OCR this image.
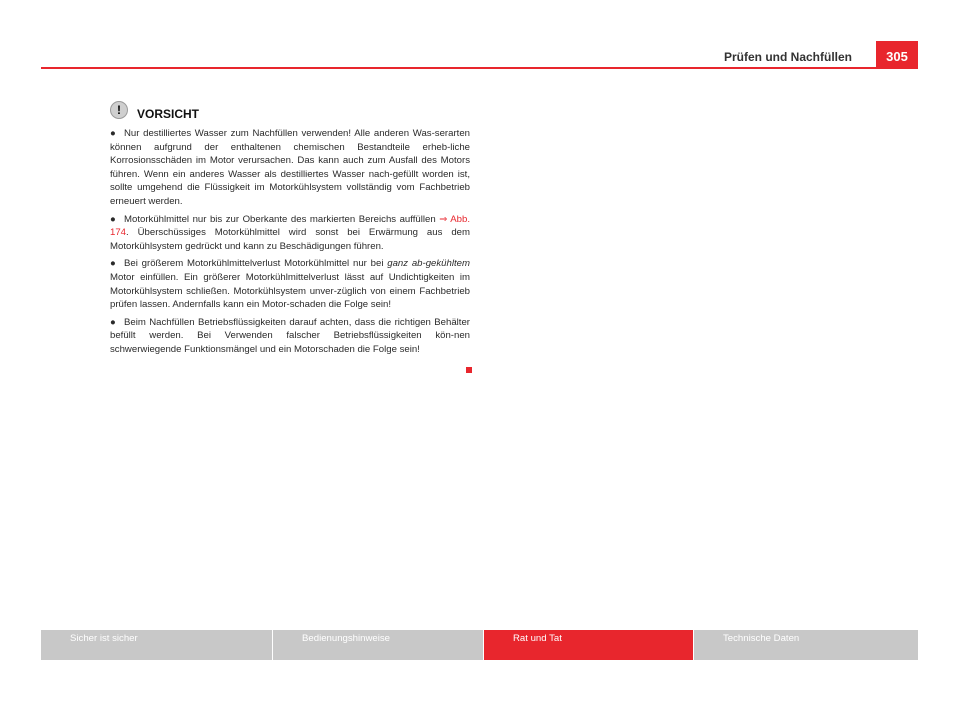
Prüfen und Nachfüllen	305
!	VORSICHT

● Nur destilliertes Wasser zum Nachfüllen verwenden! Alle anderen Was-serarten können aufgrund der enthaltenen chemischen Bestandteile erheb-liche Korrosionsschäden im Motor verursachen. Das kann auch zum Ausfall des Motors führen. Wenn ein anderes Wasser als destilliertes Wasser nach-gefüllt worden ist, sollte umgehend die Flüssigkeit im Motorkühlsystem vollständig vom Fachbetrieb erneuert werden.

● Motorkühlmittel nur bis zur Oberkante des markierten Bereichs auffüllen ⇒ Abb. 174. Überschüssiges Motorkühlmittel wird sonst bei Erwärmung aus dem Motorkühlsystem gedrückt und kann zu Beschädigungen führen.

● Bei größerem Motorkühlmittelverlust Motorkühlmittel nur bei ganz ab-gekühltem Motor einfüllen. Ein größerer Motorkühlmittelverlust lässt auf Undichtigkeiten im Motorkühlsystem schließen. Motorkühlsystem unver-züglich von einem Fachbetrieb prüfen lassen. Andernfalls kann ein Motor-schaden die Folge sein!

● Beim Nachfüllen Betriebsflüssigkeiten darauf achten, dass die richtigen Behälter befüllt werden. Bei Verwenden falscher Betriebsflüssigkeiten kön-nen schwerwiegende Funktionsmängel und ein Motorschaden die Folge sein!

Sicher ist sicher	Bedienungshinweise	Rat und Tat	Technische Daten
